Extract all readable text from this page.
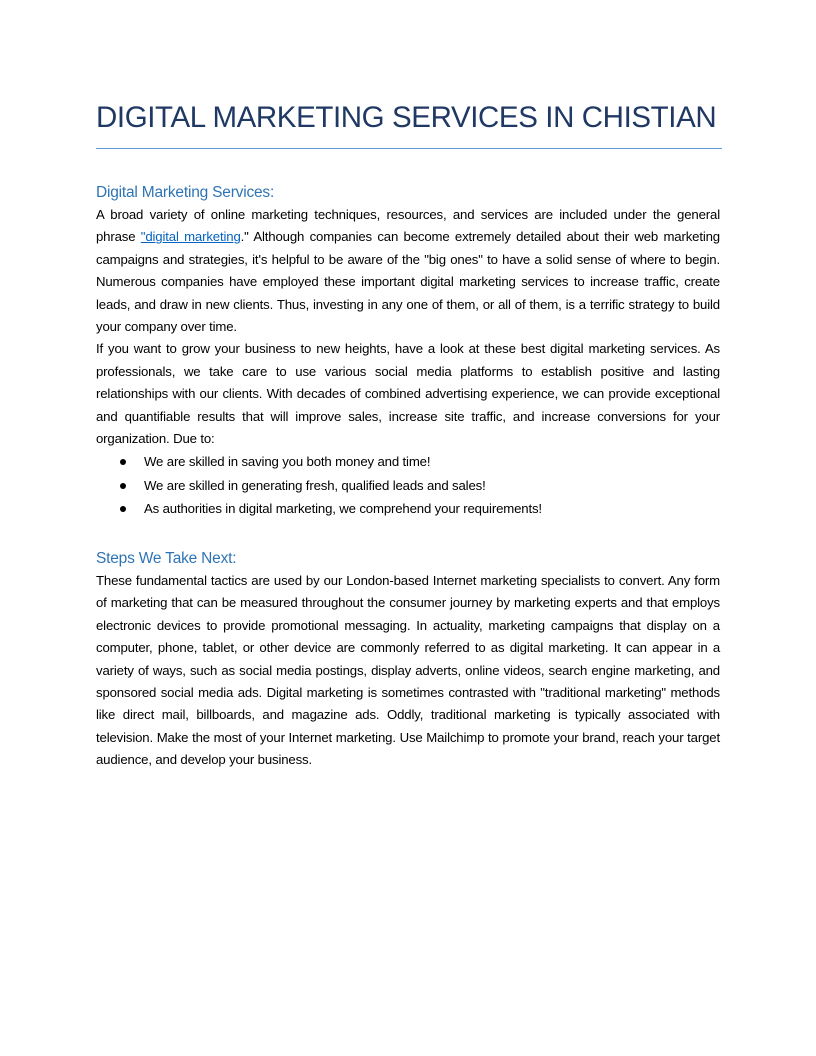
DIGITAL MARKETING SERVICES IN CHISTIAN
Digital Marketing Services:

A broad variety of online marketing techniques, resources, and services are included under the general phrase "digital marketing." Although companies can become extremely detailed about their web marketing campaigns and strategies, it's helpful to be aware of the "big ones" to have a solid sense of where to begin. Numerous companies have employed these important digital marketing services to increase traffic, create leads, and draw in new clients. Thus, investing in any one of them, or all of them, is a terrific strategy to build your company over time.

If you want to grow your business to new heights, have a look at these best digital marketing services. As professionals, we take care to use various social media platforms to establish positive and lasting relationships with our clients. With decades of combined advertising experience, we can provide exceptional and quantifiable results that will improve sales, increase site traffic, and increase conversions for your organization. Due to:

We are skilled in saving you both money and time!
We are skilled in generating fresh, qualified leads and sales!
As authorities in digital marketing, we comprehend your requirements!
Steps We Take Next:

These fundamental tactics are used by our London-based Internet marketing specialists to convert. Any form of marketing that can be measured throughout the consumer journey by marketing experts and that employs electronic devices to provide promotional messaging. In actuality, marketing campaigns that display on a computer, phone, tablet, or other device are commonly referred to as digital marketing. It can appear in a variety of ways, such as social media postings, display adverts, online videos, search engine marketing, and sponsored social media ads. Digital marketing is sometimes contrasted with "traditional marketing" methods like direct mail, billboards, and magazine ads. Oddly, traditional marketing is typically associated with television. Make the most of your Internet marketing. Use Mailchimp to promote your brand, reach your target audience, and develop your business.
